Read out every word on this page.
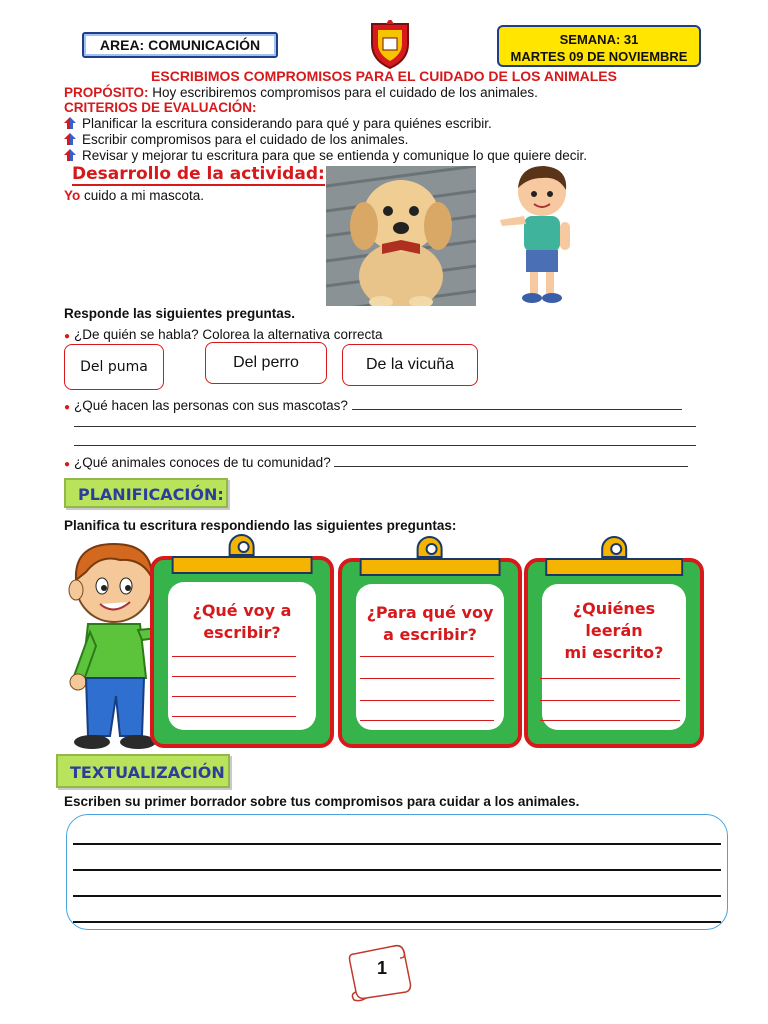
AREA: COMUNICACIÓN	SEMANA: 31
MARTES 09 DE NOVIEMBRE
ESCRIBIMOS COMPROMISOS PARA EL CUIDADO DE LOS ANIMALES
PROPÓSITO: Hoy escribiremos compromisos para el cuidado de los animales.
CRITERIOS DE EVALUACIÓN:
Planificar la escritura considerando para qué y para quiénes escribir.
Escribir compromisos para el cuidado de los animales.
Revisar y mejorar tu escritura para que se entienda y comunique lo que quiere decir.
Desarrollo de la actividad:
Yo cuido a mi mascota.
Responde las siguientes preguntas.
● ¿De quién se habla? Colorea la alternativa correcta
Del puma	Del perro	De la vicuña
● ¿Qué hacen las personas con sus mascotas?
● ¿Qué animales conoces de tu comunidad?
PLANIFICACIÓN:
Planifica tu escritura respondiendo las siguientes preguntas:
¿Qué voy a
escribir?
¿Para qué voy
a escribir?
¿Quiénes leerán
mi escrito?
TEXTUALIZACIÓN
Escriben su primer borrador sobre tus compromisos para cuidar a los animales.
1
